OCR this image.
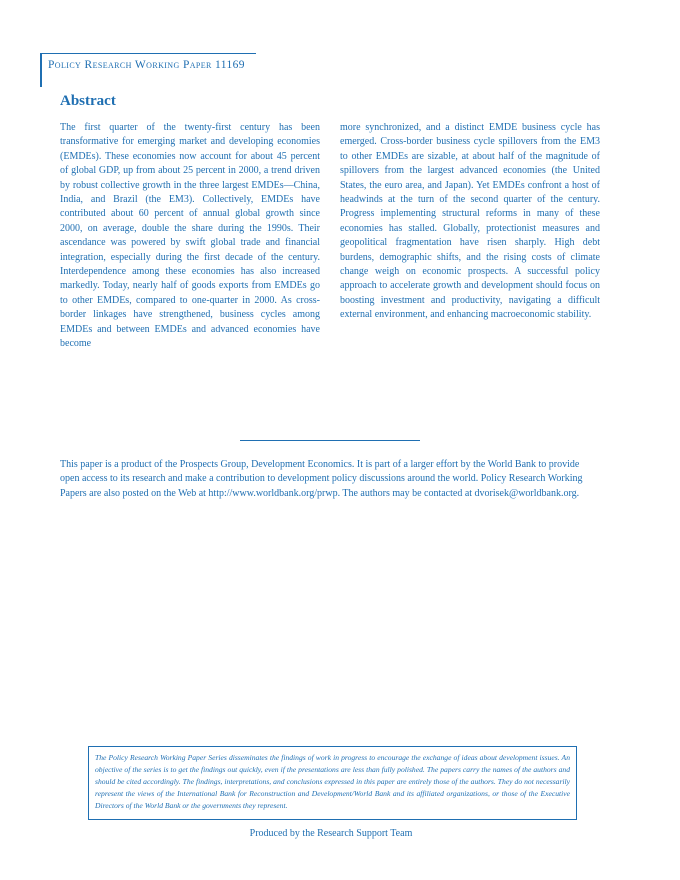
Policy Research Working Paper 11169
Abstract

The first quarter of the twenty-first century has been transformative for emerging market and developing economies (EMDEs). These economies now account for about 45 percent of global GDP, up from about 25 percent in 2000, a trend driven by robust collective growth in the three largest EMDEs—China, India, and Brazil (the EM3). Collectively, EMDEs have contributed about 60 percent of annual global growth since 2000, on average, double the share during the 1990s. Their ascendance was powered by swift global trade and financial integration, especially during the first decade of the century. Interdependence among these economies has also increased markedly. Today, nearly half of goods exports from EMDEs go to other EMDEs, compared to one-quarter in 2000. As cross-border linkages have strengthened, business cycles among EMDEs and between EMDEs and advanced economies have become

more synchronized, and a distinct EMDE business cycle has emerged. Cross-border business cycle spillovers from the EM3 to other EMDEs are sizable, at about half of the magnitude of spillovers from the largest advanced economies (the United States, the euro area, and Japan). Yet EMDEs confront a host of headwinds at the turn of the second quarter of the century. Progress implementing structural reforms in many of these economies has stalled. Globally, protectionist measures and geopolitical fragmentation have risen sharply. High debt burdens, demographic shifts, and the rising costs of climate change weigh on economic prospects. A successful policy approach to accelerate growth and development should focus on boosting investment and productivity, navigating a difficult external environment, and enhancing macroeconomic stability.

This paper is a product of the Prospects Group, Development Economics. It is part of a larger effort by the World Bank to provide open access to its research and make a contribution to development policy discussions around the world. Policy Research Working Papers are also posted on the Web at http://www.worldbank.org/prwp. The authors may be contacted at dvorisek@worldbank.org.

The Policy Research Working Paper Series disseminates the findings of work in progress to encourage the exchange of ideas about development issues. An objective of the series is to get the findings out quickly, even if the presentations are less than fully polished. The papers carry the names of the authors and should be cited accordingly. The findings, interpretations, and conclusions expressed in this paper are entirely those of the authors. They do not necessarily represent the views of the International Bank for Reconstruction and Development/World Bank and its affiliated organizations, or those of the Executive Directors of the World Bank or the governments they represent.

Produced by the Research Support Team
